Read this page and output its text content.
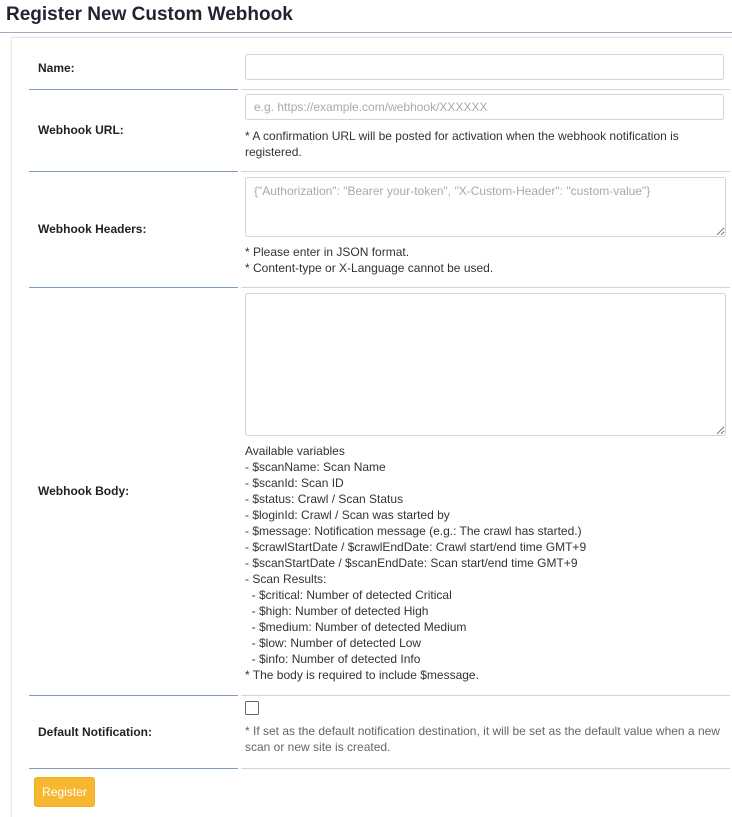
Register New Custom Webhook
Name:
Webhook URL:
e.g. https://example.com/webhook/XXXXXX	* A confirmation URL will be posted for activation when the webhook notification is
registered.
Webhook Headers:
{"Authorization": "Bearer your-token", "X-Custom-Header": "custom-value"}
* Please enter in JSON format.
* Content-type or X-Language cannot be used.
Webhook Body:
Available variables
- $scanName: Scan Name
- $scanId: Scan ID
- $status: Crawl / Scan Status
- $loginId: Crawl / Scan was started by
- $message: Notification message (e.g.: The crawl has started.)
- $crawlStartDate / $crawlEndDate: Crawl start/end time GMT+9
- $scanStartDate / $scanEndDate: Scan start/end time GMT+9
- Scan Results:
- $critical: Number of detected Critical
- $high: Number of detected High
- $medium: Number of detected Medium
- $low: Number of detected Low
- $info: Number of detected Info
* The body is required to include $message.
Default Notification:	* If set as the default notification destination, it will be set as the default value when a new
scan or new site is created.
Register
